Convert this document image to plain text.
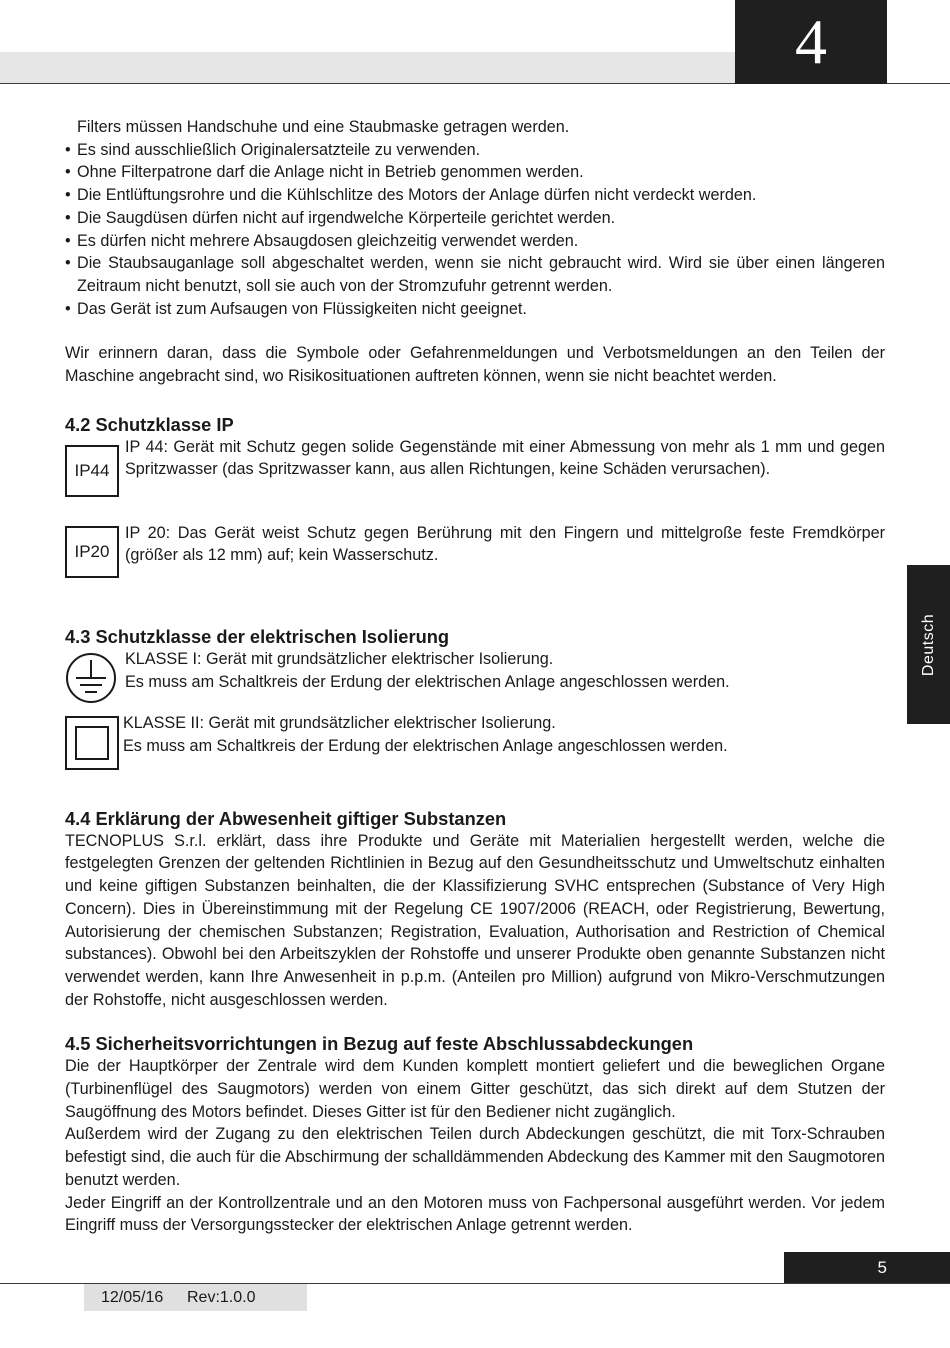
4
Deutsch
Filters müssen Handschuhe und eine Staubmaske getragen werden.
• Es sind ausschließlich Originalersatzteile zu verwenden.
• Ohne Filterpatrone darf die Anlage nicht in Betrieb genommen werden.
• Die Entlüftungsrohre und die Kühlschlitze des Motors der Anlage dürfen nicht verdeckt werden.
• Die Saugdüsen dürfen nicht auf irgendwelche Körperteile gerichtet werden.
• Es dürfen nicht mehrere Absaugdosen gleichzeitig verwendet werden.
• Die Staubsauganlage soll abgeschaltet werden, wenn sie nicht gebraucht wird. Wird sie über einen längeren Zeitraum nicht benutzt, soll sie auch von der Stromzufuhr getrennt werden.
• Das Gerät ist zum Aufsaugen von Flüssigkeiten nicht geeignet.

Wir erinnern daran, dass die Symbole oder Gefahrenmeldungen und Verbotsmeldungen an den Teilen der Maschine angebracht sind, wo Risikosituationen auftreten können, wenn sie nicht beachtet werden.

4.2 Schutzklasse IP
IP44

IP 44: Gerät mit Schutz gegen solide Gegenstände mit einer Abmessung von mehr als 1 mm und gegen Spritzwasser (das Spritzwasser kann, aus allen Richtungen, keine Schäden verursachen).

IP20

IP 20: Das Gerät weist Schutz gegen Berührung mit den Fingern und mittelgroße feste Fremdkörper (größer als 12 mm) auf; kein Wasserschutz.

4.3 Schutzklasse der elektrischen Isolierung

KLASSE I: Gerät mit grundsätzlicher elektrischer Isolierung.

Es muss am Schaltkreis der Erdung der elektrischen Anlage angeschlossen werden.

KLASSE II: Gerät mit grundsätzlicher elektrischer Isolierung.

Es muss am Schaltkreis der Erdung der elektrischen Anlage angeschlossen werden.

4.4 Erklärung der Abwesenheit giftiger Substanzen

TECNOPLUS S.r.l. erklärt, dass ihre Produkte und Geräte mit Materialien hergestellt werden, welche die festgelegten Grenzen der geltenden Richtlinien in Bezug auf den Gesundheitsschutz und Umweltschutz einhalten und keine giftigen Substanzen beinhalten, die der Klassifizierung SVHC entsprechen (Substance of Very High Concern). Dies in Übereinstimmung mit der Regelung CE 1907/2006 (REACH, oder Registrierung, Bewertung, Autorisierung der chemischen Substanzen; Registration, Evaluation, Authorisation and Restriction of Chemical substances). Obwohl bei den Arbeitszyklen der Rohstoffe und unserer Produkte oben genannte Substanzen nicht verwendet werden, kann Ihre Anwesenheit in p.p.m. (Anteilen pro Million) aufgrund von Mikro-Verschmutzungen der Rohstoffe, nicht ausgeschlossen werden.

4.5 Sicherheitsvorrichtungen in Bezug auf feste Abschlussabdeckungen

Die der Hauptkörper der Zentrale wird dem Kunden komplett montiert geliefert und die beweglichen Organe (Turbinenflügel des Saugmotors) werden von einem Gitter geschützt, das sich direkt auf dem Stutzen der Saugöffnung des Motors befindet. Dieses Gitter ist für den Bediener nicht zugänglich.

Außerdem wird der Zugang zu den elektrischen Teilen durch Abdeckungen geschützt, die mit Torx-Schrauben befestigt sind, die auch für die Abschirmung der schalldämmenden Abdeckung des Kammer mit den Saugmotoren benutzt werden.

Jeder Eingriff an der Kontrollzentrale und an den Motoren muss von Fachpersonal ausgeführt werden. Vor jedem Eingriff muss der Versorgungsstecker der elektrischen Anlage getrennt werden.

5
12/05/16 Rev:1.0.0
